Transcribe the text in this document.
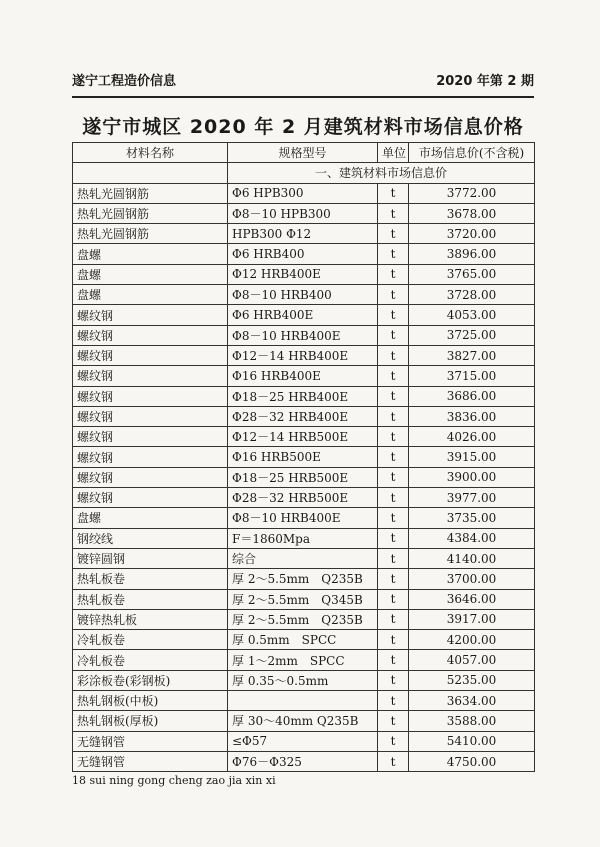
遂宁工程造价信息	2020 年第 2 期
遂宁市城区 2020 年 2 月建筑材料市场信息价格
材料名称	规格型号	单位	市场信息价(不含税)
	一、建筑材料市场信息价		
热轧光圆钢筋	Φ6 HPB300	t	3772.00
热轧光圆钢筋	Φ8－10 HPB300	t	3678.00
热轧光圆钢筋	HPB300 Φ12	t	3720.00
盘螺	Φ6 HRB400	t	3896.00
盘螺	Φ12 HRB400E	t	3765.00
盘螺	Φ8－10 HRB400	t	3728.00
螺纹钢	Φ6 HRB400E	t	4053.00
螺纹钢	Φ8－10 HRB400E	t	3725.00
螺纹钢	Φ12－14 HRB400E	t	3827.00
螺纹钢	Φ16 HRB400E	t	3715.00
螺纹钢	Φ18－25 HRB400E	t	3686.00
螺纹钢	Φ28－32 HRB400E	t	3836.00
螺纹钢	Φ12－14 HRB500E	t	4026.00
螺纹钢	Φ16 HRB500E	t	3915.00
螺纹钢	Φ18－25 HRB500E	t	3900.00
螺纹钢	Φ28－32 HRB500E	t	3977.00
盘螺	Φ8－10 HRB400E	t	3735.00
钢绞线	F＝1860Mpa	t	4384.00
镀锌圆钢	综合	t	4140.00
热轧板卷	厚 2～5.5mm　Q235B	t	3700.00
热轧板卷	厚 2～5.5mm　Q345B	t	3646.00
镀锌热轧板	厚 2～5.5mm　Q235B	t	3917.00
冷轧板卷	厚 0.5mm　SPCC	t	4200.00
冷轧板卷	厚 1～2mm　SPCC	t	4057.00
彩涂板卷(彩钢板)	厚 0.35～0.5mm	t	5235.00
热轧钢板(中板)		t	3634.00
热轧钢板(厚板)	厚 30～40mm Q235B	t	3588.00
无缝钢管	≤Φ57	t	5410.00
无缝钢管	Φ76－Φ325	t	4750.00
18 sui ning gong cheng zao jia xin xi
